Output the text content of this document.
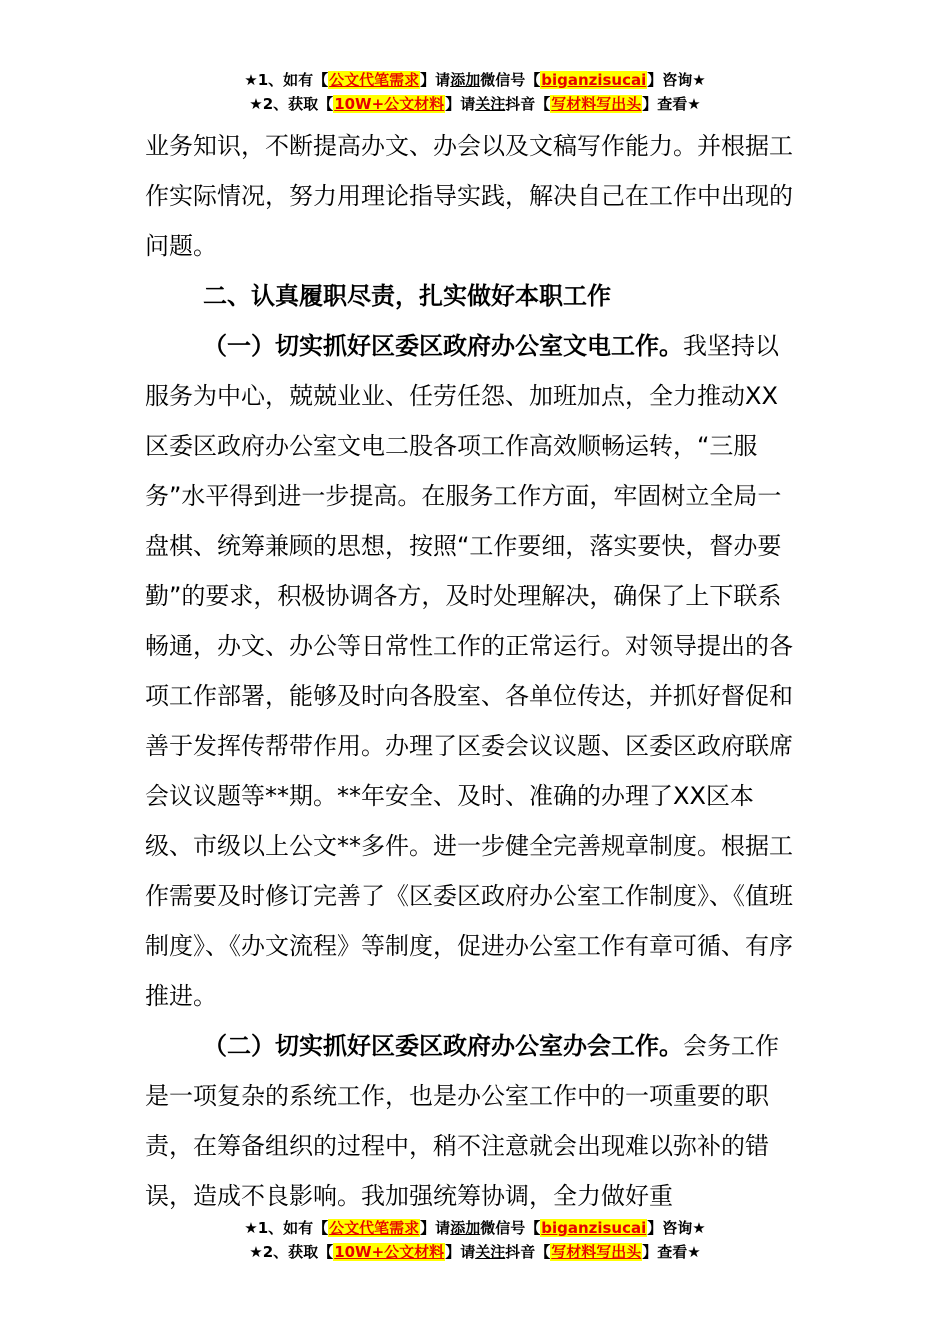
★1、如有【公文代笔需求】请添加微信号【biganzisucai】咨询★
★2、获取【10W+公文材料】请关注抖音【写材料写出头】查看★

业务知识，不断提高办文、办会以及文稿写作能力。并根据工作实际情况，努力用理论指导实践，解决自己在工作中出现的问题。

二、认真履职尽责，扎实做好本职工作

（一）切实抓好区委区政府办公室文电工作。我坚持以服务为中心，兢兢业业、任劳任怨、加班加点，全力推动XX区委区政府办公室文电二股各项工作高效顺畅运转，“三服务”水平得到进一步提高。在服务工作方面，牢固树立全局一盘棋、统筹兼顾的思想，按照“工作要细，落实要快，督办要勤”的要求，积极协调各方，及时处理解决，确保了上下联系畅通，办文、办公等日常性工作的正常运行。对领导提出的各项工作部署，能够及时向各股室、各单位传达，并抓好督促和善于发挥传帮带作用。办理了区委会议议题、区委区政府联席会议议题等**期。**年安全、及时、准确的办理了XX区本级、市级以上公文**多件。进一步健全完善规章制度。根据工作需要及时修订完善了《区委区政府办公室工作制度》、《值班制度》、《办文流程》等制度，促进办公室工作有章可循、有序推进。

（二）切实抓好区委区政府办公室办会工作。会务工作是一项复杂的系统工作，也是办公室工作中的一项重要的职责，在筹备组织的过程中，稍不注意就会出现难以弥补的错误，造成不良影响。我加强统筹协调，全力做好重

★1、如有【公文代笔需求】请添加微信号【biganzisucai】咨询★
★2、获取【10W+公文材料】请关注抖音【写材料写出头】查看★
